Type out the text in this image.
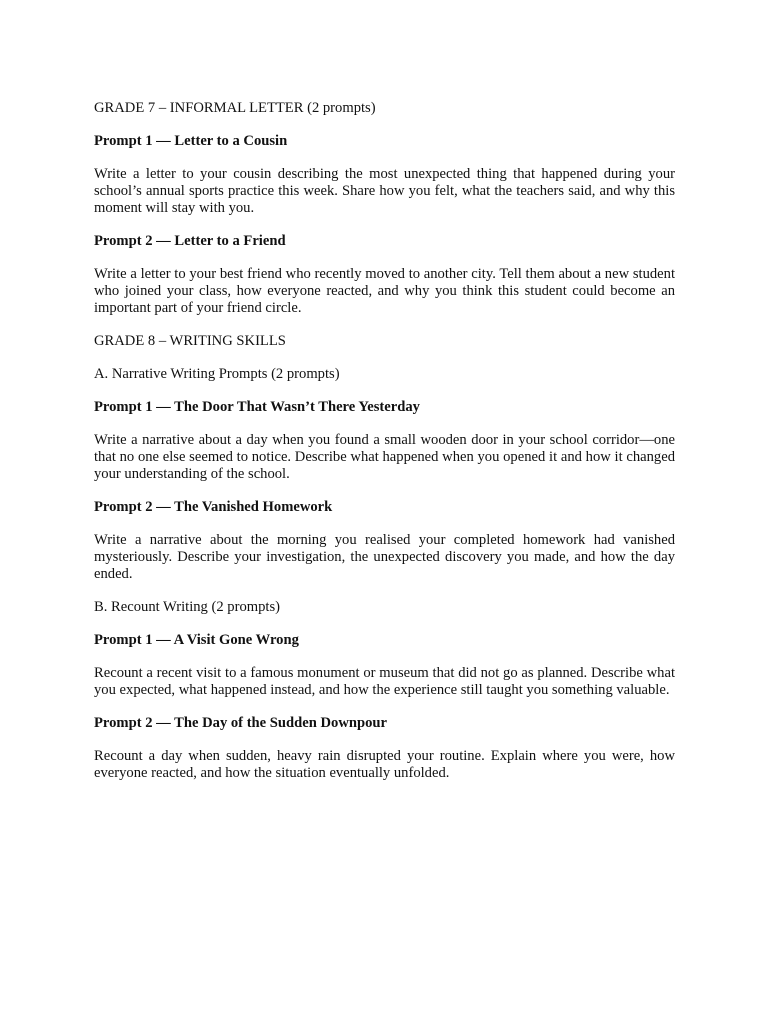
GRADE 7 – INFORMAL LETTER (2 prompts)

Prompt 1 — Letter to a Cousin

Write a letter to your cousin describing the most unexpected thing that happened during your school’s annual sports practice this week. Share how you felt, what the teachers said, and why this moment will stay with you.

Prompt 2 — Letter to a Friend

Write a letter to your best friend who recently moved to another city. Tell them about a new student who joined your class, how everyone reacted, and why you think this student could become an important part of your friend circle.

GRADE 8 – WRITING SKILLS

A. Narrative Writing Prompts (2 prompts)

Prompt 1 — The Door That Wasn’t There Yesterday

Write a narrative about a day when you found a small wooden door in your school corridor—one that no one else seemed to notice. Describe what happened when you opened it and how it changed your understanding of the school.

Prompt 2 — The Vanished Homework

Write a narrative about the morning you realised your completed homework had vanished mysteriously. Describe your investigation, the unexpected discovery you made, and how the day ended.

B. Recount Writing (2 prompts)

Prompt 1 — A Visit Gone Wrong

Recount a recent visit to a famous monument or museum that did not go as planned. Describe what you expected, what happened instead, and how the experience still taught you something valuable.

Prompt 2 — The Day of the Sudden Downpour

Recount a day when sudden, heavy rain disrupted your routine. Explain where you were, how everyone reacted, and how the situation eventually unfolded.
